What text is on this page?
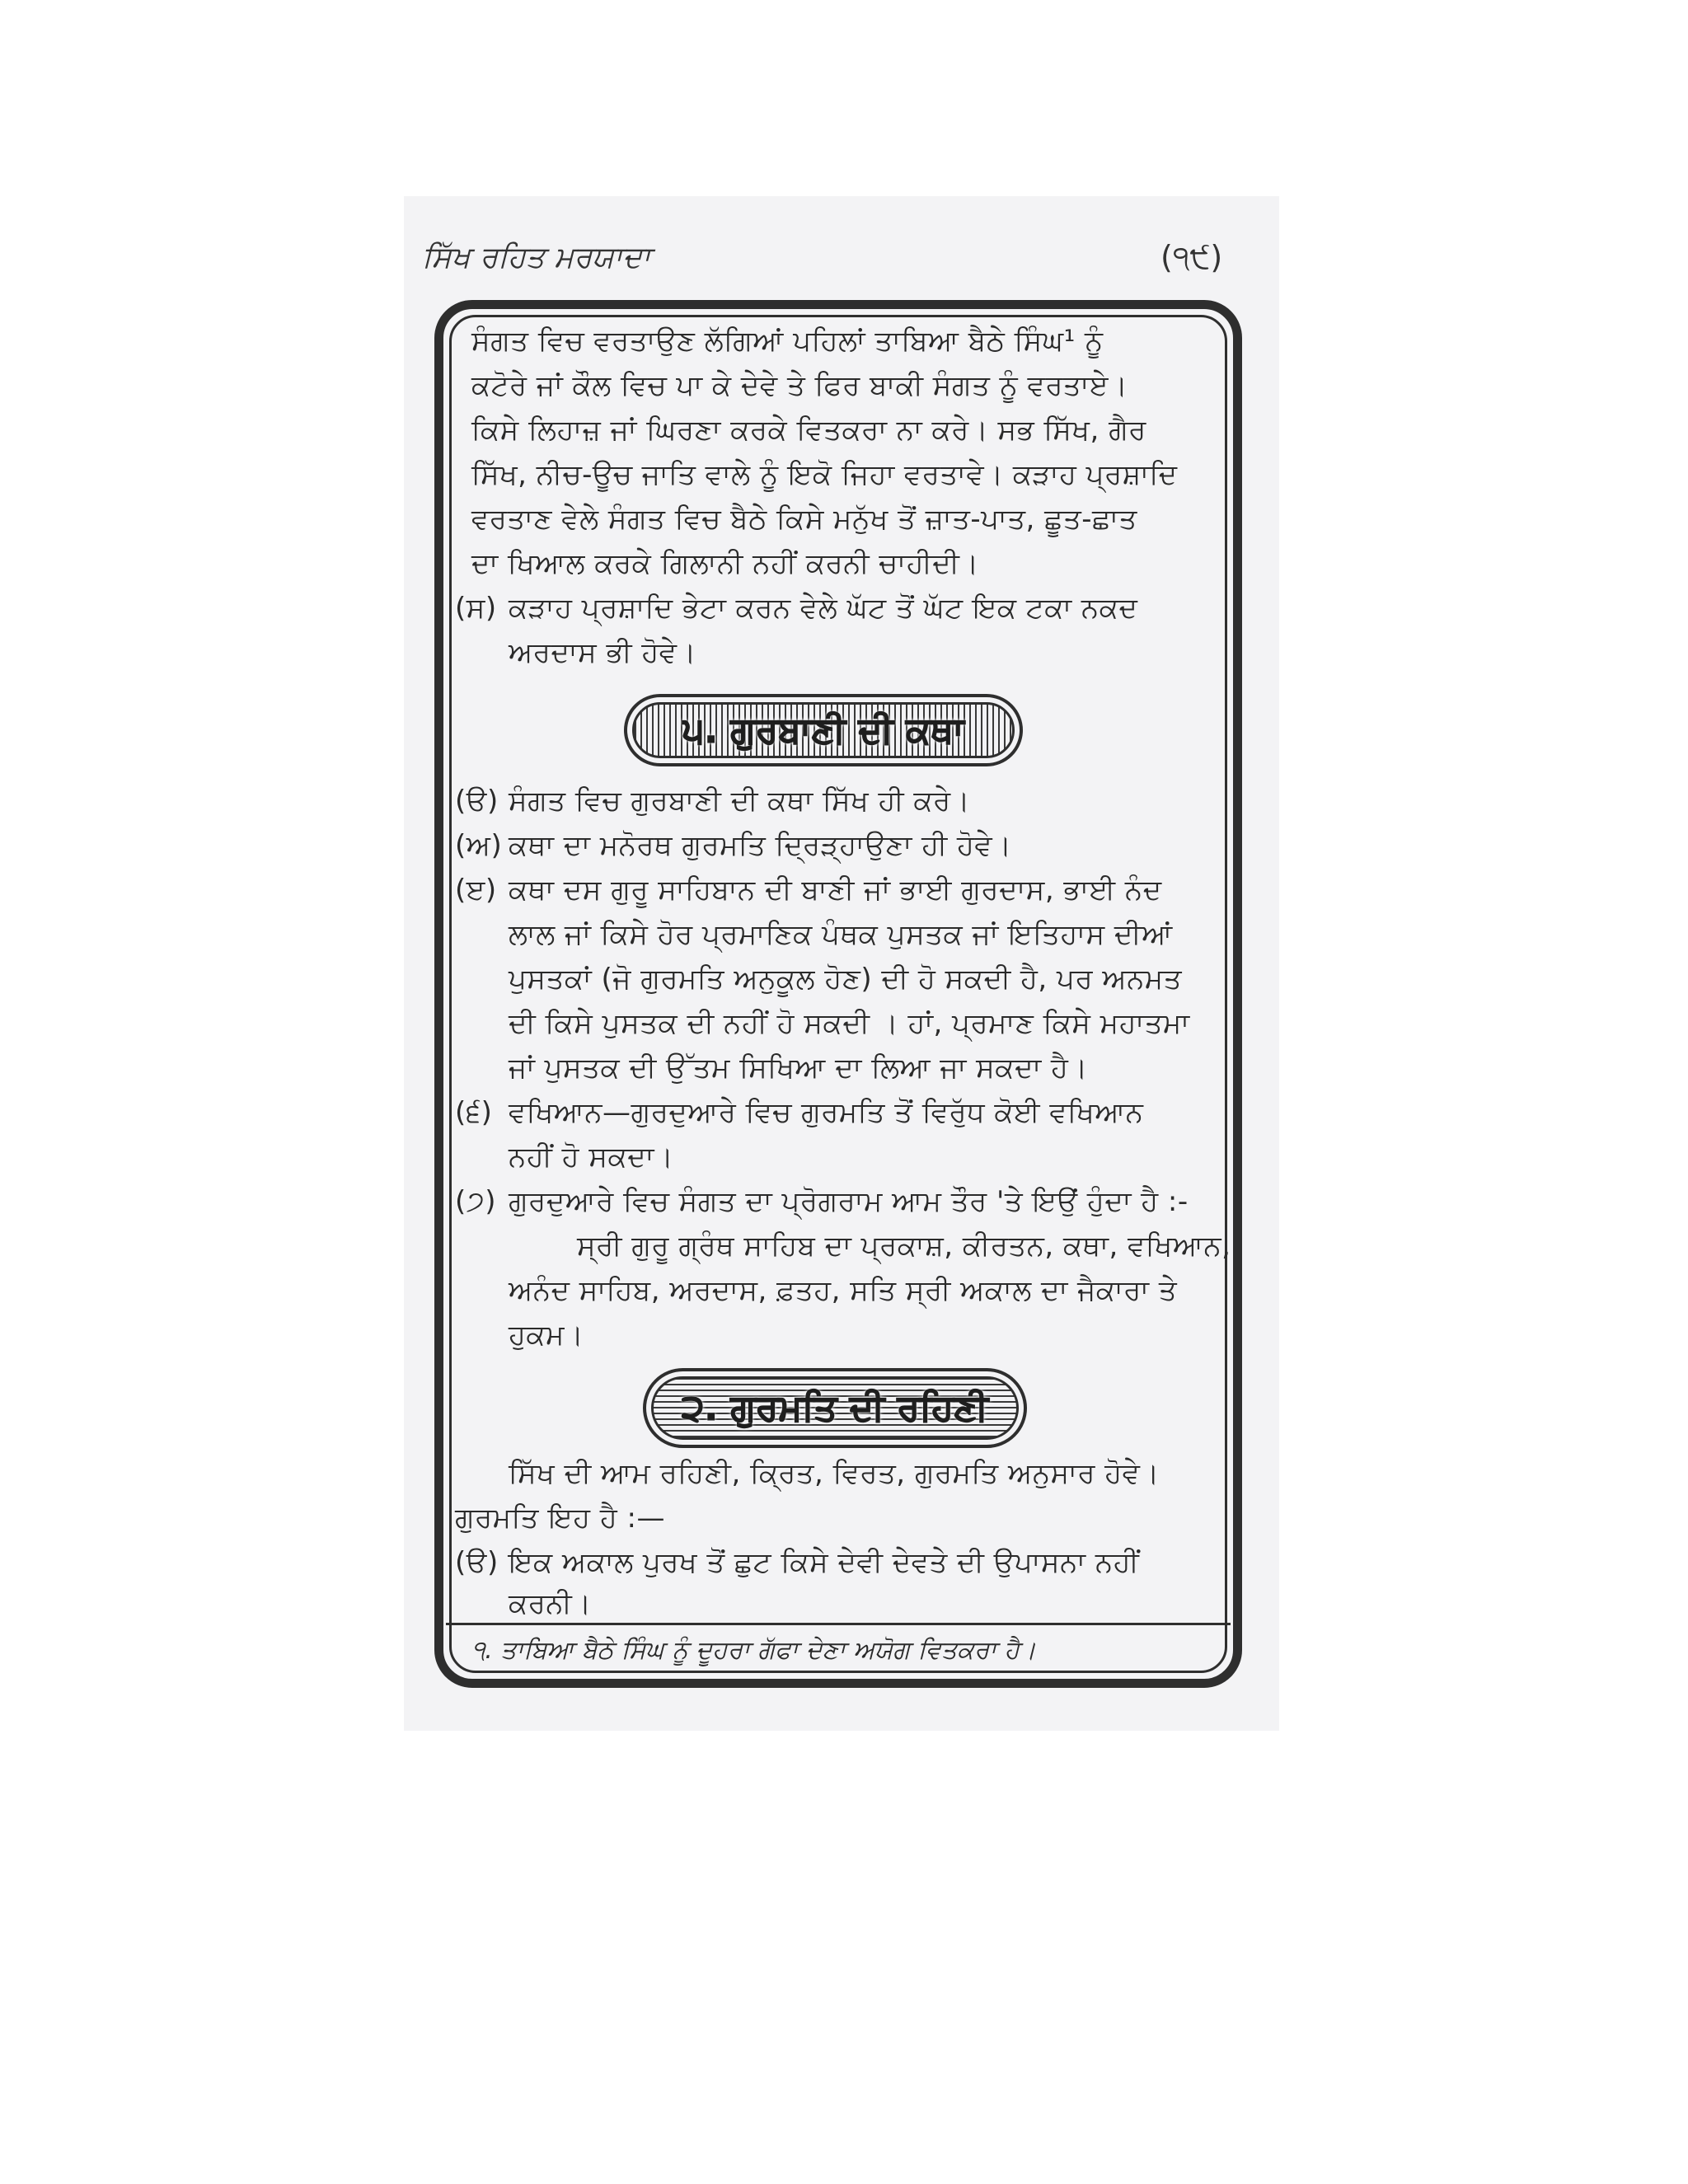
ਸਿੱਖ ਰਹਿਤ ਮਰਯਾਦਾ	(੧੯)
ਸੰਗਤ ਵਿਚ ਵਰਤਾਉਣ ਲੱਗਿਆਂ ਪਹਿਲਾਂ ਤਾਬਿਆ ਬੈਠੇ ਸਿੰਘ¹ ਨੂੰ
ਕਟੋਰੇ ਜਾਂ ਕੌਲ ਵਿਚ ਪਾ ਕੇ ਦੇਵੇ ਤੇ ਫਿਰ ਬਾਕੀ ਸੰਗਤ ਨੂੰ ਵਰਤਾਏ।
ਕਿਸੇ ਲਿਹਾਜ਼ ਜਾਂ ਘਿਰਣਾ ਕਰਕੇ ਵਿਤਕਰਾ ਨਾ ਕਰੇ। ਸਭ ਸਿੱਖ, ਗੈਰ
ਸਿੱਖ, ਨੀਚ-ਊਚ ਜਾਤਿ ਵਾਲੇ ਨੂੰ ਇਕੋ ਜਿਹਾ ਵਰਤਾਵੇ। ਕੜਾਹ ਪ੍ਰਸ਼ਾਦਿ
ਵਰਤਾਣ ਵੇਲੇ ਸੰਗਤ ਵਿਚ ਬੈਠੇ ਕਿਸੇ ਮਨੁੱਖ ਤੋਂ ਜ਼ਾਤ-ਪਾਤ, ਛੂਤ-ਛਾਤ
ਦਾ ਖਿਆਲ ਕਰਕੇ ਗਿਲਾਨੀ ਨਹੀਂ ਕਰਨੀ ਚਾਹੀਦੀ।
(ਸ) ਕੜਾਹ ਪ੍ਰਸ਼ਾਦਿ ਭੇਟਾ ਕਰਨ ਵੇਲੇ ਘੱਟ ਤੋਂ ਘੱਟ ਇਕ ਟਕਾ ਨਕਦ
ਅਰਦਾਸ ਭੀ ਹੋਵੇ।
੫. ਗੁਰਬਾਣੀ ਦੀ ਕਥਾ
(ੳ) ਸੰਗਤ ਵਿਚ ਗੁਰਬਾਣੀ ਦੀ ਕਥਾ ਸਿੱਖ ਹੀ ਕਰੇ।
(ਅ) ਕਥਾ ਦਾ ਮਨੋਰਥ ਗੁਰਮਤਿ ਦ੍ਰਿੜ੍ਹਾਉਣਾ ਹੀ ਹੋਵੇ।
(ੲ) ਕਥਾ ਦਸ ਗੁਰੂ ਸਾਹਿਬਾਨ ਦੀ ਬਾਣੀ ਜਾਂ ਭਾਈ ਗੁਰਦਾਸ, ਭਾਈ ਨੰਦ
ਲਾਲ ਜਾਂ ਕਿਸੇ ਹੋਰ ਪ੍ਰਮਾਣਿਕ ਪੰਥਕ ਪੁਸਤਕ ਜਾਂ ਇਤਿਹਾਸ ਦੀਆਂ
ਪੁਸਤਕਾਂ (ਜੋ ਗੁਰਮਤਿ ਅਨੁਕੂਲ ਹੋਣ) ਦੀ ਹੋ ਸਕਦੀ ਹੈ, ਪਰ ਅਨਮਤ
ਦੀ ਕਿਸੇ ਪੁਸਤਕ ਦੀ ਨਹੀਂ ਹੋ ਸਕਦੀ । ਹਾਂ, ਪ੍ਰਮਾਣ ਕਿਸੇ ਮਹਾਤਮਾ
ਜਾਂ ਪੁਸਤਕ ਦੀ ਉੱਤਮ ਸਿਖਿਆ ਦਾ ਲਿਆ ਜਾ ਸਕਦਾ ਹੈ।
(੬) ਵਖਿਆਨ—ਗੁਰਦੁਆਰੇ ਵਿਚ ਗੁਰਮਤਿ ਤੋਂ ਵਿਰੁੱਧ ਕੋਈ ਵਖਿਆਨ
ਨਹੀਂ ਹੋ ਸਕਦਾ।
(੭) ਗੁਰਦੁਆਰੇ ਵਿਚ ਸੰਗਤ ਦਾ ਪ੍ਰੋਗਰਾਮ ਆਮ ਤੌਰ 'ਤੇ ਇਉਂ ਹੁੰਦਾ ਹੈ :-
ਸ੍ਰੀ ਗੁਰੂ ਗ੍ਰੰਥ ਸਾਹਿਬ ਦਾ ਪ੍ਰਕਾਸ਼, ਕੀਰਤਨ, ਕਥਾ, ਵਖਿਆਨ,
ਅਨੰਦ ਸਾਹਿਬ, ਅਰਦਾਸ, ਫ਼ਤਹ, ਸਤਿ ਸ੍ਰੀ ਅਕਾਲ ਦਾ ਜੈਕਾਰਾ ਤੇ
ਹੁਕਮ।
੨. ਗੁਰਮਤਿ ਦੀ ਰਹਿਣੀ
ਸਿੱਖ ਦੀ ਆਮ ਰਹਿਣੀ, ਕ੍ਰਿਤ, ਵਿਰਤ, ਗੁਰਮਤਿ ਅਨੁਸਾਰ ਹੋਵੇ।
ਗੁਰਮਤਿ ਇਹ ਹੈ :—
(ੳ) ਇਕ ਅਕਾਲ ਪੁਰਖ ਤੋਂ ਛੁਟ ਕਿਸੇ ਦੇਵੀ ਦੇਵਤੇ ਦੀ ਉਪਾਸਨਾ ਨਹੀਂ
ਕਰਨੀ।
੧. ਤਾਬਿਆ ਬੈਠੇ ਸਿੰਘ ਨੂੰ ਦੂਹਰਾ ਗੱਫਾ ਦੇਣਾ ਅਯੋਗ ਵਿਤਕਰਾ ਹੈ।
